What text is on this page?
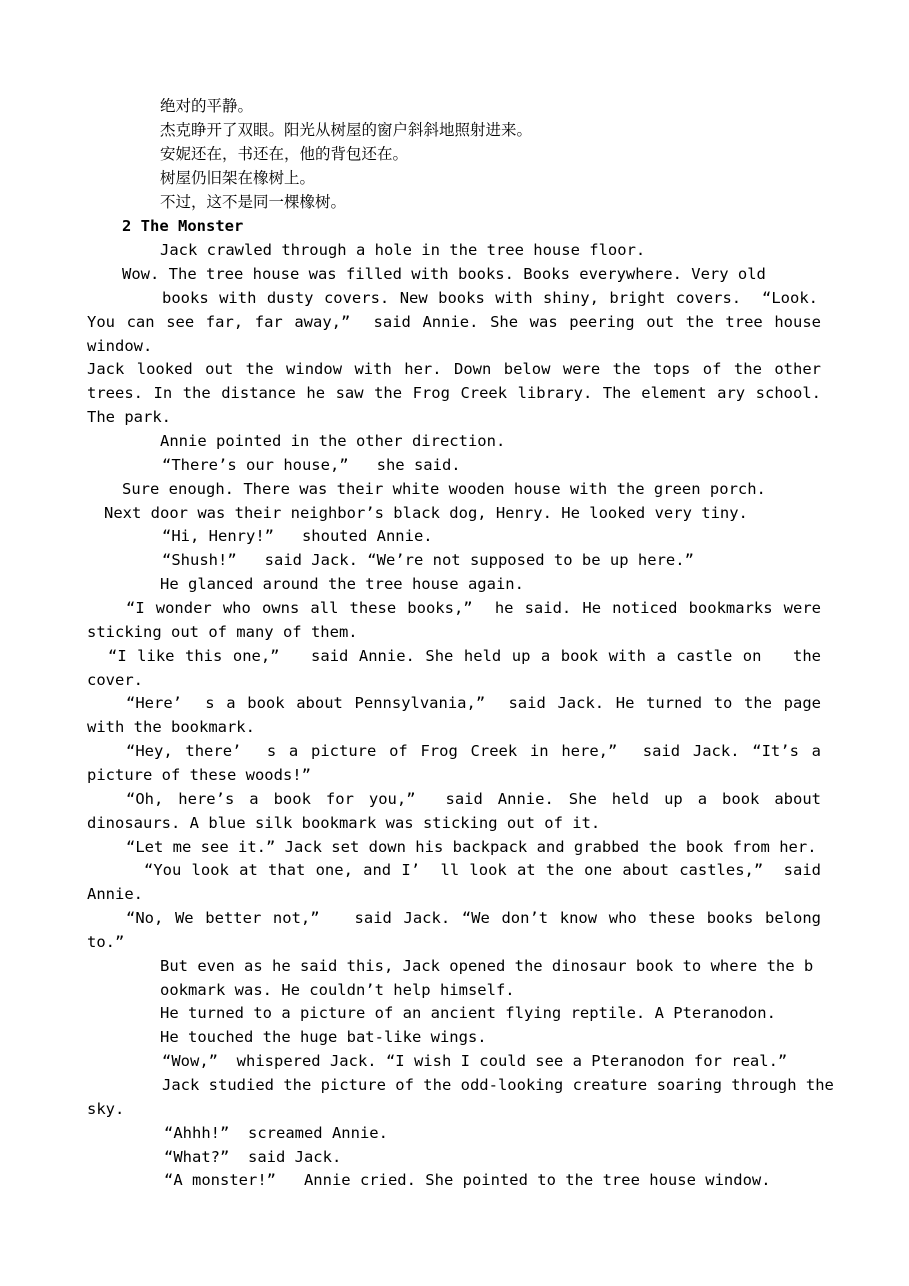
绝对的平静。
杰克睁开了双眼。阳光从树屋的窗户斜斜地照射进来。
安妮还在，书还在，他的背包还在。
树屋仍旧架在橡树上。
不过，这不是同一棵橡树。
2 The Monster
Jack crawled through a hole in the tree house floor.
Wow. The tree house was filled with books. Books everywhere. Very old
books with dusty covers. New books with shiny, bright covers.  “Look.
You can see far, far away,”  said Annie. She was peering out the tree house
window.
Jack looked out the window with her. Down below were the tops of the other
trees. In the distance he saw the Frog Creek library. The element ary school.
The park.
Annie pointed in the other direction.
“There’s our house,”   she said.
Sure enough. There was their white wooden house with the green porch.
Next door was their neighbor’s black dog, Henry. He looked very tiny.
“Hi, Henry!”   shouted Annie.
“Shush!”   said Jack. “We’re not supposed to be up here.”
He glanced around the tree house again.
“I wonder who owns all these books,”  he said. He noticed bookmarks were
sticking out of many of them.
“I like this one,”   said Annie. She held up a book with a castle on   the
cover.
“Here’  s a book about Pennsylvania,”  said Jack. He turned to the page
with the bookmark.
“Hey, there’  s a picture of Frog Creek in here,”  said Jack. “It’s a
picture of these woods!”
“Oh, here’s a book for you,”  said Annie. She held up a book about
dinosaurs. A blue silk bookmark was sticking out of it.
“Let me see it.” Jack set down his backpack and grabbed the book from her.
“You look at that one, and I’  ll look at the one about castles,”  said
Annie.
“No, We better not,”   said Jack. “We don’t know who these books belong
to.”
But even as he said this, Jack opened the dinosaur book to where the b
ookmark was. He couldn’t help himself.
He turned to a picture of an ancient flying reptile. A Pteranodon.
He touched the huge bat-like wings.
“Wow,”  whispered Jack. “I wish I could see a Pteranodon for real.”
Jack studied the picture of the odd-looking creature soaring through the
sky.
“Ahhh!”  screamed Annie.
“What?”  said Jack.
“A monster!”   Annie cried. She pointed to the tree house window.
